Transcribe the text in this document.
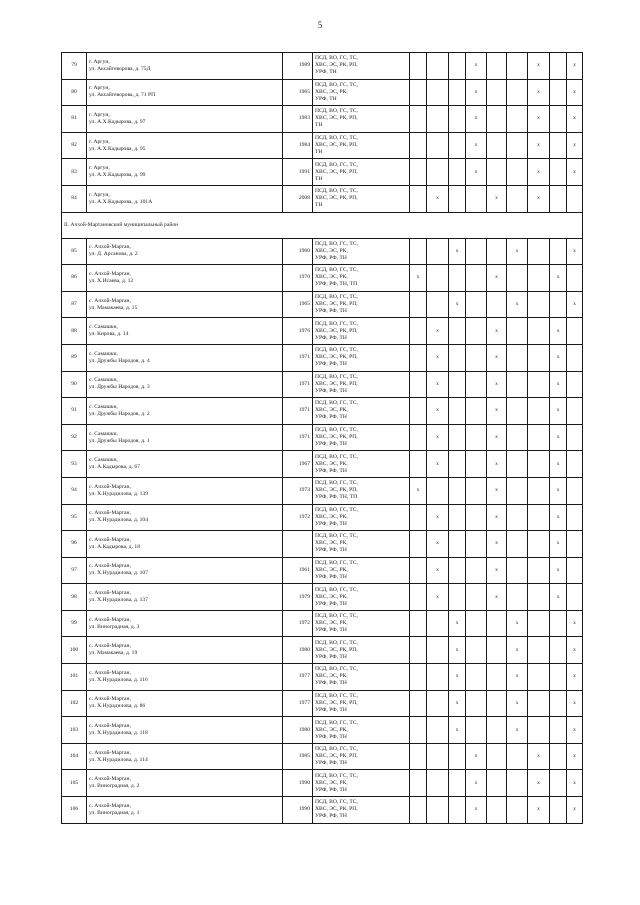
5
79	г. Аргун,
ул. Аксайгеворова, д. 75Д	1989	ПСД, ВО, ГС, ТС,
ХВС, ЭС, РК, РП,
УРФ, ТН				х			х		х
80	г. Аргун,
ул. Аксайгеворова, д. 71 РП	1965	ПСД, ВО, ГС, ТС,
ХВС, ЭС, РК,
УРФ, ТН				х			х		х
81	г. Аргун,
ул. А.Х.Кадырова, д. 97	1983	ПСД, ВО, ГС, ТС,
ХВС, ЭС, РК, РП,
ТН				х			х		х
82	г. Аргун,
ул. А.Х.Кадырова, д. 95	1984	ПСД, ВО, ГС, ТС,
ХВС, ЭС, РК, РП,
ТН				х			х		х
83	г. Аргун,
ул. А.Х.Кадырова, д. 99	1991	ПСД, ВО, ГС, ТС,
ХВС, ЭС, РК, РП,
ТН				х			х		х
84	г. Аргун,
ул. А.Х.Кадырова, д. 101А	2008	ПСД, ВО, ГС, ТС,
ХВС, ЭС, РК, РП,
ТН		х			х		х		
II. Ачхой-Мартановский муниципальный район												
85	с. Ачхой-Мартан,
ул. Д. Арсанова, д. 2	1960	ПСД, ВО, ГС, ТС,
ХВС, ЭС, РК,
УРФ, РФ, ТН			х			х			х
86	с. Ачхой-Мартан,
ул. Х.Исаева, д. 12	1970	ПСД, ВО, ГС, ТС,
ХВС, ЭС, РК,
УРФ, РФ, ТН, ТП	х				х			х	
87	с. Ачхой-Мартан,
ул. Мамакаева, д. 15	1965	ПСД, ВО, ГС, ТС,
ХВС, ЭС, РК, РП,
УРФ, РФ, ТН			х			х			х
88	с. Самашки,
ул. Кирова, д. 14	1976	ПСД, ВО, ГС, ТС,
ХВС, ЭС, РК, РП,
УРФ, РФ, ТН		х			х			х	
89	с. Самашки,
ул. Дружбы Народов, д. 4	1971	ПСД, ВО, ГС, ТС,
ХВС, ЭС, РК, РП,
УРФ, РФ, ТН		х			х			х	
90	с. Самашки,
ул. Дружбы Народов, д. 3	1971	ПСД, ВО, ГС, ТС,
ХВС, ЭС, РК, РП,
УРФ, РФ, ТН		х			х			х	
91	с. Самашки,
ул. Дружбы Народов, д. 2	1971	ПСД, ВО, ГС, ТС,
ХВС, ЭС, РК,
УРФ, РФ, ТН		х			х			х	
92	с. Самашки,
ул. Дружбы Народов, д. 1	1971	ПСД, ВО, ГС, ТС,
ХВС, ЭС, РК, РП,
УРФ, РФ, ТН		х			х			х	
93	с. Самашки,
ул. А.Кадырова, д. 67	1967	ПСД, ВО, ГС, ТС,
ХВС, ЭС, РК,
УРФ, РФ, ТН		х			х			х	
94	с. Ачхой-Мартан,
ул. Х.Нурадилова, д. 139	1973	ПСД, ВО, ГС, ТС,
ХВС, ЭС, РК, РП,
УРФ, РФ, ТН, ТП	х				х			х	
95	с. Ачхой-Мартан,
ул. Х.Нурадилова, д. 104	1972	ПСД, ВО, ГС, ТС,
ХВС, ЭС, РК,
УРФ, РФ, ТН		х			х			х	
96	с. Ачхой-Мартан,
ул. А.Кадырова, д. 18		ПСД, ВО, ГС, ТС,
ХВС, ЭС, РК,
УРФ, РФ, ТН		х			х			х	
97	с. Ачхой-Мартан,
ул. Х.Нурадилова, д. 107	1961	ПСД, ВО, ГС, ТС,
ХВС, ЭС, РК,
УРФ, РФ, ТН		х			х			х	
98	с. Ачхой-Мартан,
ул. Х.Нурадилова, д. 137	1979	ПСД, ВО, ГС, ТС,
ХВС, ЭС, РК,
УРФ, РФ, ТН		х			х			х	
99	с. Ачхой-Мартан,
ул. Виноградная, д. 3	1972	ПСД, ВО, ГС, ТС,
ХВС, ЭС, РК,
УРФ, РФ, ТН			х			х			х
100	с. Ачхой-Мартан,
ул. Мамакаева, д. 19	1980	ПСД, ВО, ГС, ТС,
ХВС, ЭС, РК, РП,
УРФ, РФ, ТН			х			х			х
101	с. Ачхой-Мартан,
ул. Х.Нурадилова, д. 116	1977	ПСД, ВО, ГС, ТС,
ХВС, ЭС, РК,
УРФ, РФ, ТН			х			х			х
102	с. Ачхой-Мартан,
ул. Х.Нурадилова, д. 86	1977	ПСД, ВО, ГС, ТС,
ХВС, ЭС, РК, РП,
УРФ, РФ, ТН			х			х			х
103	с. Ачхой-Мартан,
ул. Х.Нурадилова, д. 118	1980	ПСД, ВО, ГС, ТС,
ХВС, ЭС, РК,
УРФ, РФ, ТН			х			х			х
104	с. Ачхой-Мартан,
ул. Х.Нурадилова, д. 114	1985	ПСД, ВО, ГС, ТС,
ХВС, ЭС, РК, РП,
УРФ, РФ, ТН				х			х		х
105	с. Ачхой-Мартан,
ул. Виноградная, д. 2	1990	ПСД, ВО, ГС, ТС,
ХВС, ЭС, РК,
УРФ, РФ, ТН				х			х		х
106	с. Ачхой-Мартан,
ул. Виноградная, д. 1	1990	ПСД, ВО, ГС, ТС,
ХВС, ЭС, РК, РП,
УРФ, РФ, ТН				х			х		х
